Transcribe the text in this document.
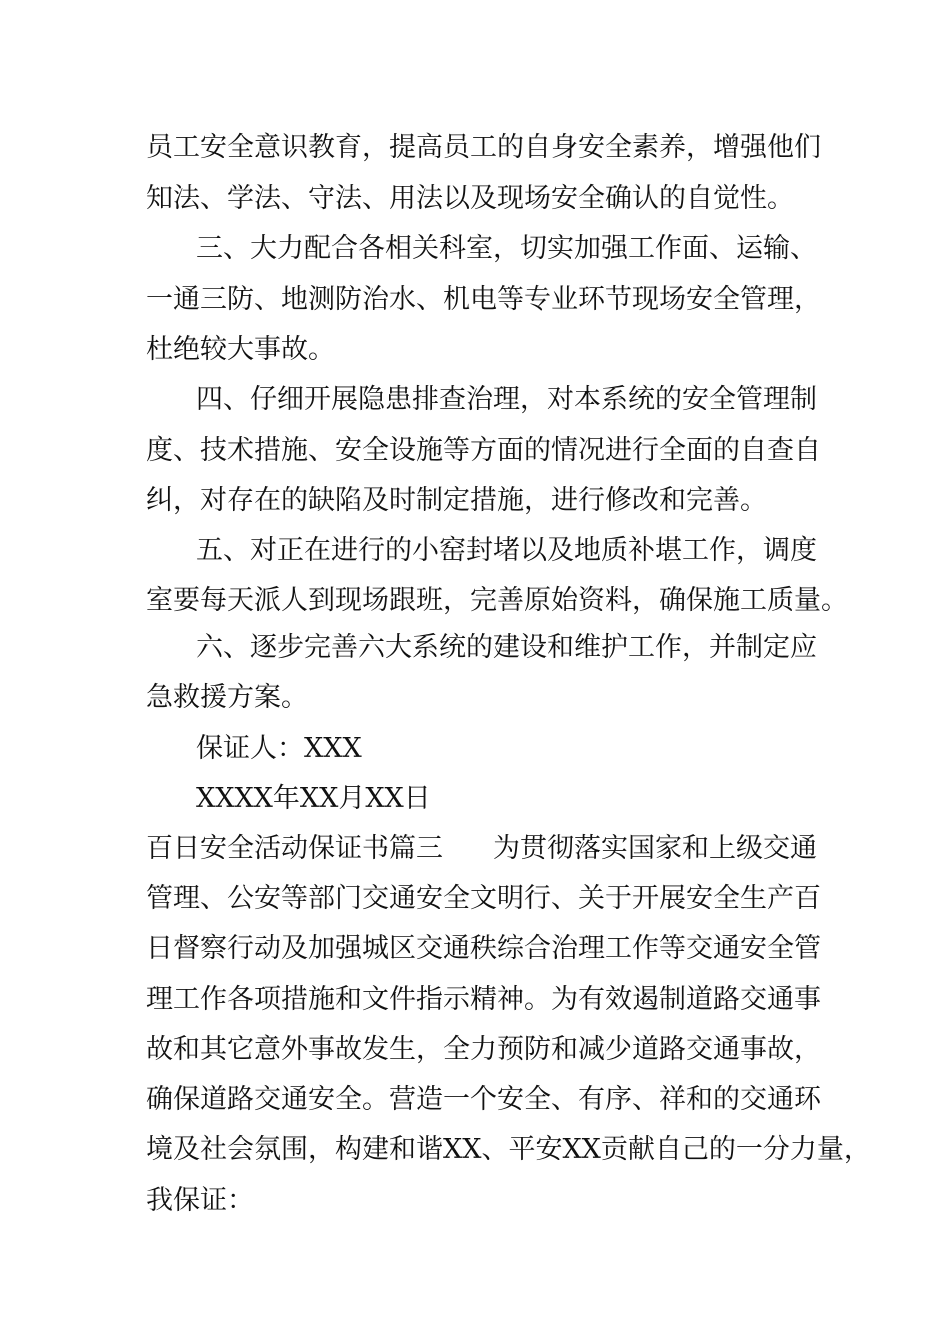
员工安全意识教育，提高员工的自身安全素养，增强他们

知法、学法、守法、用法以及现场安全确认的自觉性。

三、大力配合各相关科室，切实加强工作面、运输、

一通三防、地测防治水、机电等专业环节现场安全管理，

杜绝较大事故。

四、仔细开展隐患排查治理，对本系统的安全管理制

度、技术措施、安全设施等方面的情况进行全面的自查自

纠，对存在的缺陷及时制定措施，进行修改和完善。

五、对正在进行的小窑封堵以及地质补堪工作，调度

室要每天派人到现场跟班，完善原始资料，确保施工质量。

六、逐步完善六大系统的建设和维护工作，并制定应

急救援方案。

保证人：XXX

XXXX年XX月XX日

百日安全活动保证书篇三 为贯彻落实国家和上级交通

管理、公安等部门交通安全文明行、关于开展安全生产百

日督察行动及加强城区交通秩综合治理工作等交通安全管

理工作各项措施和文件指示精神。为有效遏制道路交通事

故和其它意外事故发生，全力预防和减少道路交通事故，

确保道路交通安全。营造一个安全、有序、祥和的交通环

境及社会氛围，构建和谐XX、平安XX贡献自己的一分力量，

我保证：
